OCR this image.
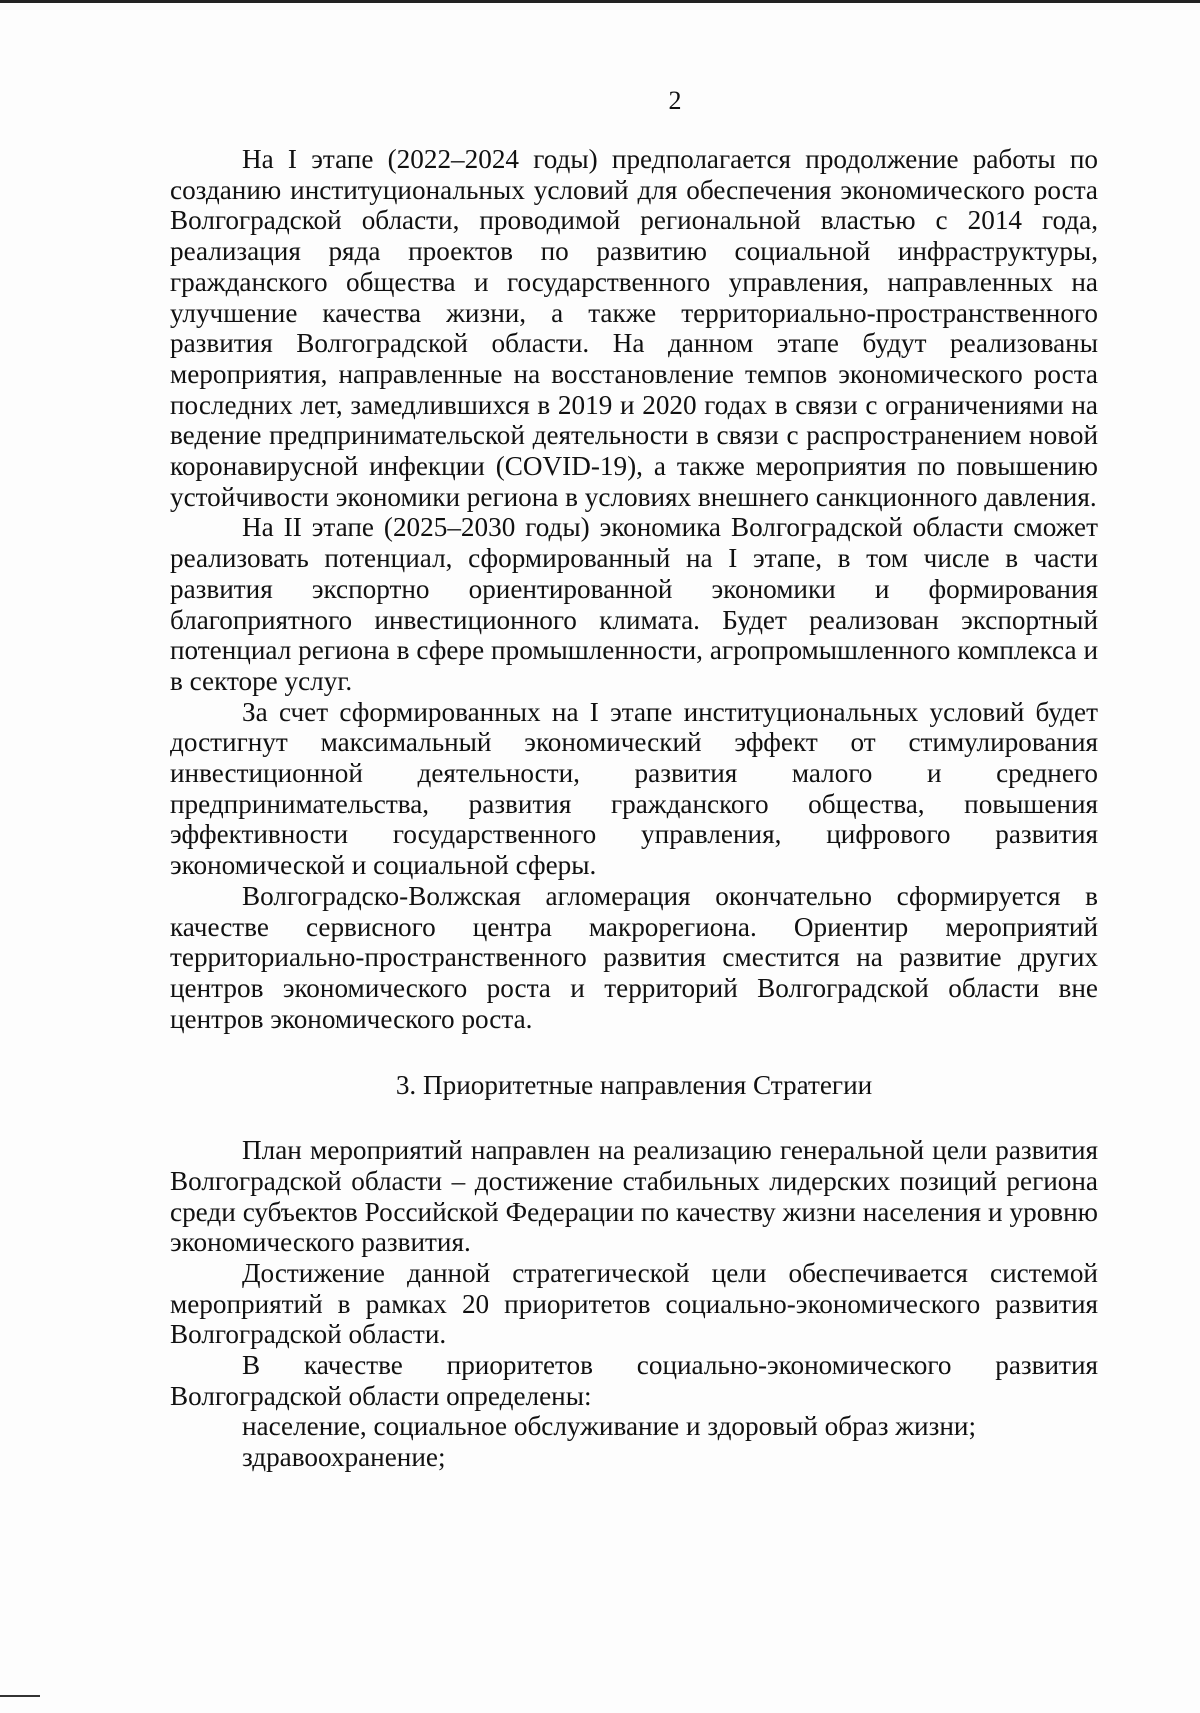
2

На I этапе (2022–2024 годы) предполагается продолжение работы по созданию институциональных условий для обеспечения экономического роста Волгоградской области, проводимой региональной властью с 2014 года, реализация ряда проектов по развитию социальной инфраструктуры, гражданского общества и государственного управления, направленных на улучшение качества жизни, а также территориально-пространственного развития Волгоградской области. На данном этапе будут реализованы мероприятия, направленные на восстановление темпов экономического роста последних лет, замедлившихся в 2019 и 2020 годах в связи с ограничениями на ведение предпринимательской деятельности в связи с распространением новой коронавирусной инфекции (COVID-19), а также мероприятия по повышению устойчивости экономики региона в условиях внешнего санкционного давления.

На II этапе (2025–2030 годы) экономика Волгоградской области сможет реализовать потенциал, сформированный на I этапе, в том числе в части развития экспортно ориентированной экономики и формирования благоприятного инвестиционного климата. Будет реализован экспортный потенциал региона в сфере промышленности, агропромышленного комплекса и в секторе услуг.

За счет сформированных на I этапе институциональных условий будет достигнут максимальный экономический эффект от стимулирования инвестиционной деятельности, развития малого и среднего предпринимательства, развития гражданского общества, повышения эффективности государственного управления, цифрового развития экономической и социальной сферы.

Волгоградско-Волжская агломерация окончательно сформируется в качестве сервисного центра макрорегиона. Ориентир мероприятий территориально-пространственного развития сместится на развитие других центров экономического роста и территорий Волгоградской области вне центров экономического роста.

3. Приоритетные направления Стратегии

План мероприятий направлен на реализацию генеральной цели развития Волгоградской области – достижение стабильных лидерских позиций региона среди субъектов Российской Федерации по качеству жизни населения и уровню экономического развития.

Достижение данной стратегической цели обеспечивается системой мероприятий в рамках 20 приоритетов социально-экономического развития Волгоградской области.

В качестве приоритетов социально-экономического развития Волгоградской области определены:

население, социальное обслуживание и здоровый образ жизни;

здравоохранение;
